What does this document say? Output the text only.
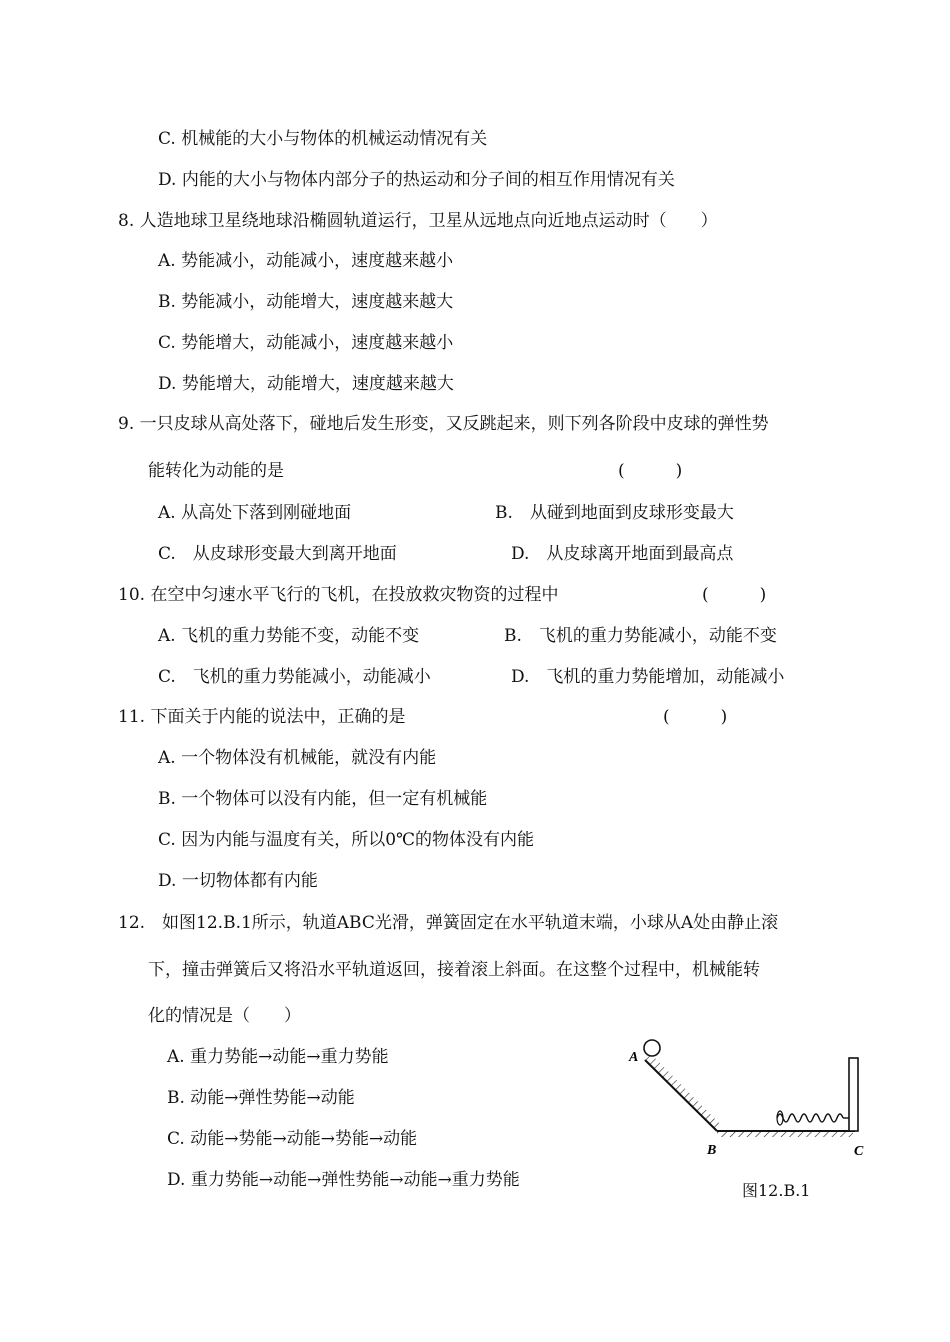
C. 机械能的大小与物体的机械运动情况有关
D. 内能的大小与物体内部分子的热运动和分子间的相互作用情况有关
8. 人造地球卫星绕地球沿椭圆轨道运行，卫星从远地点向近地点运动时（　　）
A. 势能减小，动能减小，速度越来越小
B. 势能减小，动能增大，速度越来越大
C. 势能增大，动能减小，速度越来越小
D. 势能增大，动能增大，速度越来越大
9. 一只皮球从高处落下，碰地后发生形变，又反跳起来，则下列各阶段中皮球的弹性势
能转化为动能的是	(　　　)
A. 从高处下落到刚碰地面	B.　从碰到地面到皮球形变最大
C.　从皮球形变最大到离开地面	D.　从皮球离开地面到最高点
10. 在空中匀速水平飞行的飞机，在投放救灾物资的过程中	(　　　)
A. 飞机的重力势能不变，动能不变	B.　飞机的重力势能减小，动能不变
C.　飞机的重力势能减小，动能减小	D.　飞机的重力势能增加，动能减小
11. 下面关于内能的说法中，正确的是	(　　　)
A. 一个物体没有机械能，就没有内能
B. 一个物体可以没有内能，但一定有机械能
C. 因为内能与温度有关，所以0℃的物体没有内能
D. 一切物体都有内能
12.　如图12.B.1所示，轨道ABC光滑，弹簧固定在水平轨道末端，小球从A处由静止滚
下，撞击弹簧后又将沿水平轨道返回，接着滚上斜面。在这整个过程中，机械能转
化的情况是（　　）
A. 重力势能→动能→重力势能
B. 动能→弹性势能→动能
C. 动能→势能→动能→势能→动能
D. 重力势能→动能→弹性势能→动能→重力势能
A
B	C
图12.B.1
